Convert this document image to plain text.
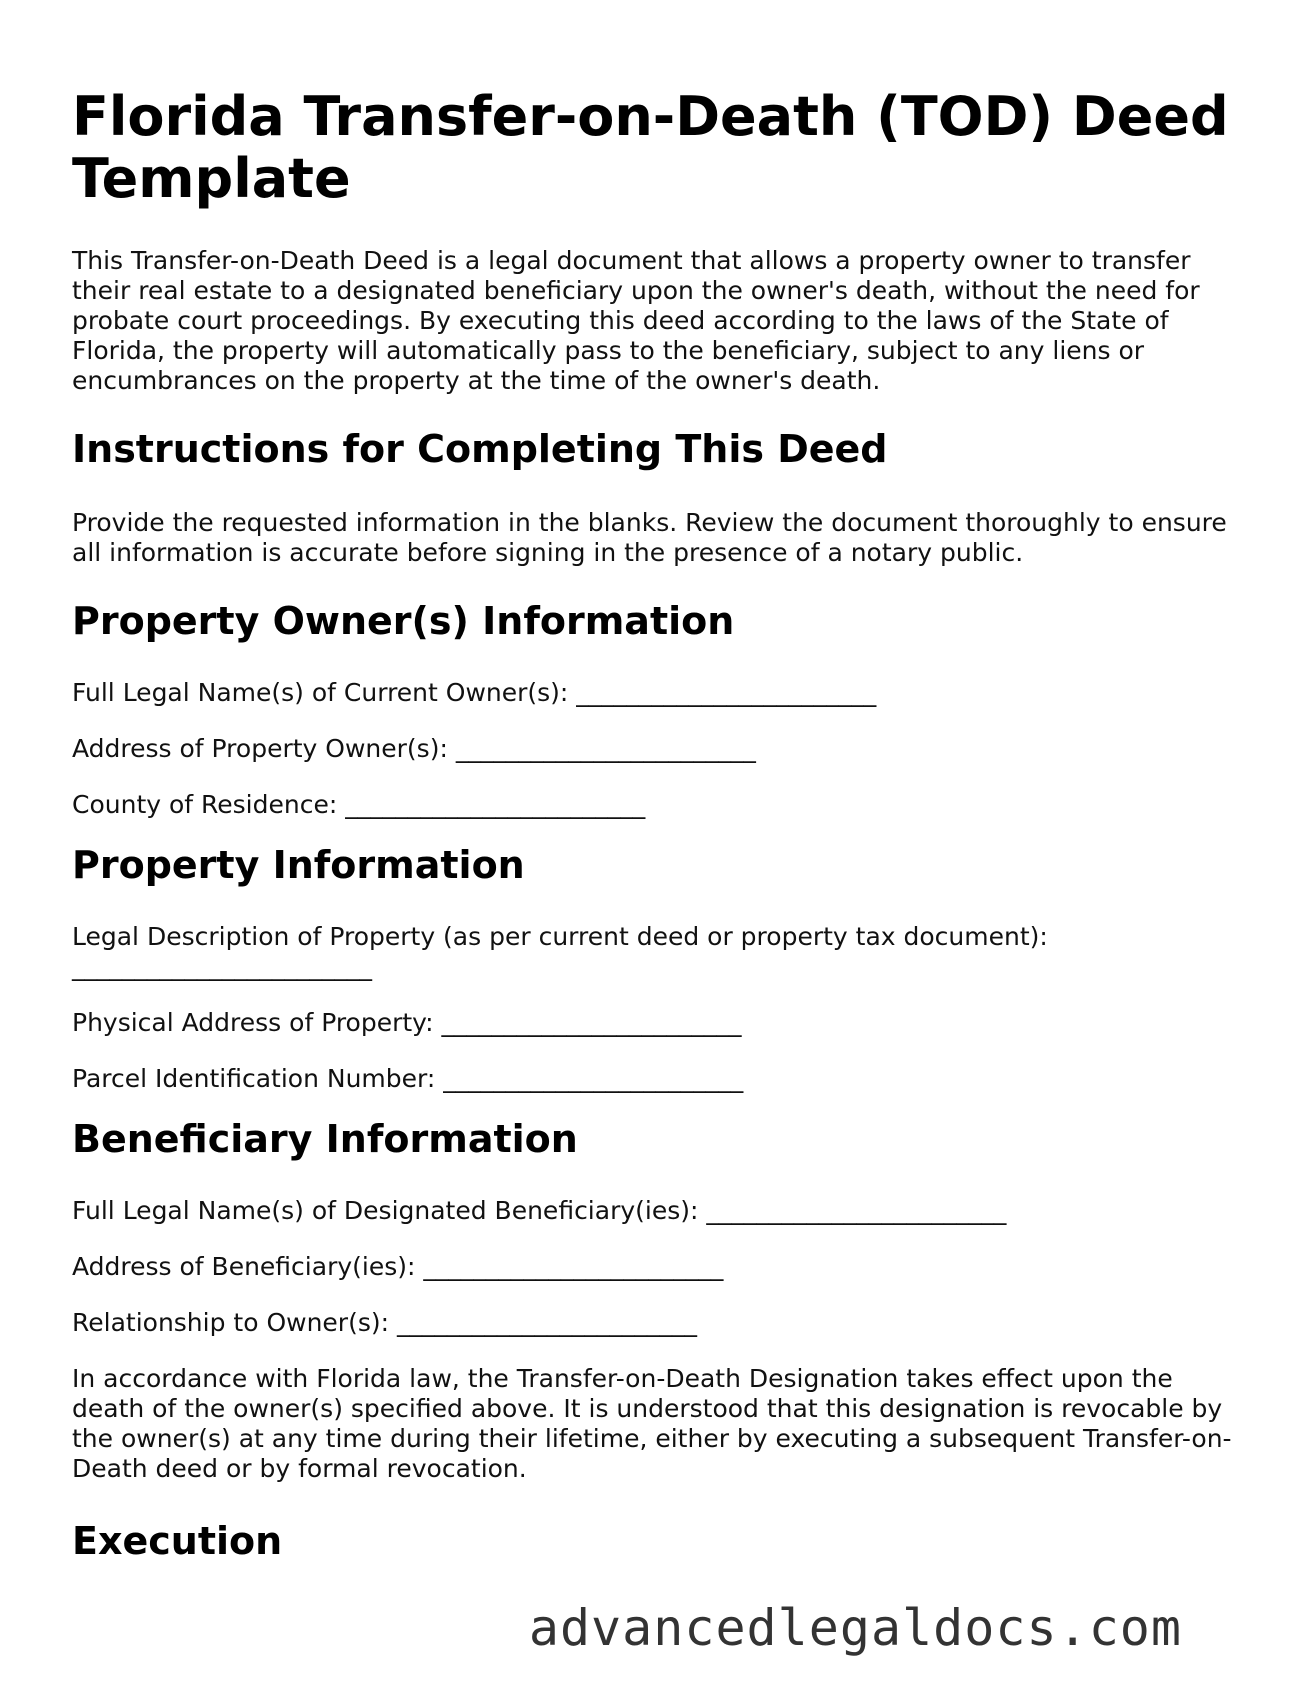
Florida Transfer-on-Death (TOD) Deed Template

This Transfer-on-Death Deed is a legal document that allows a property owner to transfer their real estate to a designated beneficiary upon the owner's death, without the need for probate court proceedings. By executing this deed according to the laws of the State of Florida, the property will automatically pass to the beneficiary, subject to any liens or encumbrances on the property at the time of the owner's death.

Instructions for Completing This Deed

Provide the requested information in the blanks. Review the document thoroughly to ensure all information is accurate before signing in the presence of a notary public.

Property Owner(s) Information

Full Legal Name(s) of Current Owner(s): ________________________

Address of Property Owner(s): ________________________

County of Residence: ________________________

Property Information

Legal Description of Property (as per current deed or property tax document): ________________________

Physical Address of Property: ________________________

Parcel Identification Number: ________________________

Beneficiary Information

Full Legal Name(s) of Designated Beneficiary(ies): ________________________

Address of Beneficiary(ies): ________________________

Relationship to Owner(s): ________________________

In accordance with Florida law, the Transfer-on-Death Designation takes effect upon the death of the owner(s) specified above. It is understood that this designation is revocable by the owner(s) at any time during their lifetime, either by executing a subsequent Transfer-on-Death deed or by formal revocation.

Execution
advancedlegaldocs.com
